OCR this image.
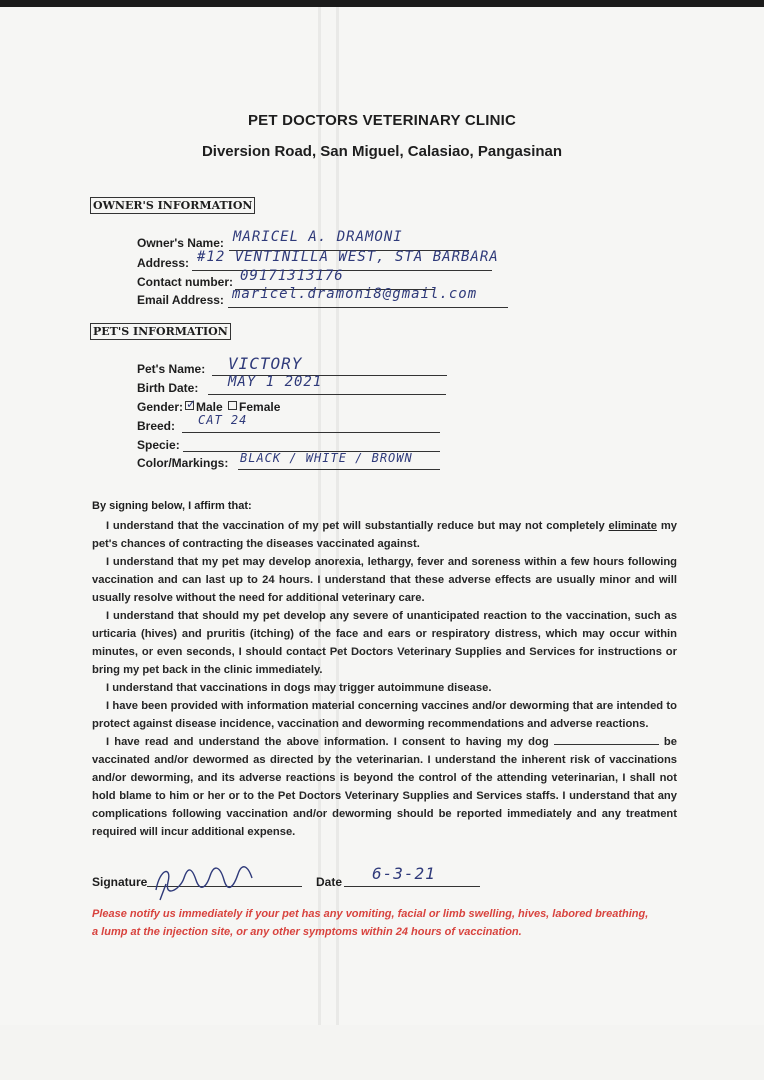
PET DOCTORS VETERINARY CLINIC
Diversion Road, San Miguel, Calasiao, Pangasinan
OWNER'S INFORMATION
Owner's Name: MARICEL A. DRAMONI
Address: #12 VENTINILLA WEST, STA BARBARA
Contact number: 09171313176
Email Address: maricel.dramoni8@gmail.com
PET'S INFORMATION
Pet's Name: VICTORY
Birth Date: MAY 1 2021
Gender: Male Female
✓
Breed: CAT 24
Specie:
Color/Markings: BLACK / WHITE / BROWN
By signing below, I affirm that:

I understand that the vaccination of my pet will substantially reduce but may not completely eliminate my pet's chances of contracting the diseases vaccinated against.

I understand that my pet may develop anorexia, lethargy, fever and soreness within a few hours following vaccination and can last up to 24 hours. I understand that these adverse effects are usually minor and will usually resolve without the need for additional veterinary care.

I understand that should my pet develop any severe of unanticipated reaction to the vaccination, such as urticaria (hives) and pruritis (itching) of the face and ears or respiratory distress, which may occur within minutes, or even seconds, I should contact Pet Doctors Veterinary Supplies and Services for instructions or bring my pet back in the clinic immediately.

I understand that vaccinations in dogs may trigger autoimmune disease.

I have been provided with information material concerning vaccines and/or deworming that are intended to protect against disease incidence, vaccination and deworming recommendations and adverse reactions.

I have read and understand the above information. I consent to having my dog	be vaccinated and/or dewormed as directed by the veterinarian. I understand the inherent risk of vaccinations and/or deworming, and its adverse reactions is beyond the control of the attending veterinarian, I shall not hold blame to him or her or to the Pet Doctors Veterinary Supplies and Services staffs. I understand that any complications following vaccination and/or deworming should be reported immediately and any treatment required will incur additional expense.

Signature	Date 6-3-21
Please notify us immediately if your pet has any vomiting, facial or limb swelling, hives, labored breathing, a lump at the injection site, or any other symptoms within 24 hours of vaccination.
